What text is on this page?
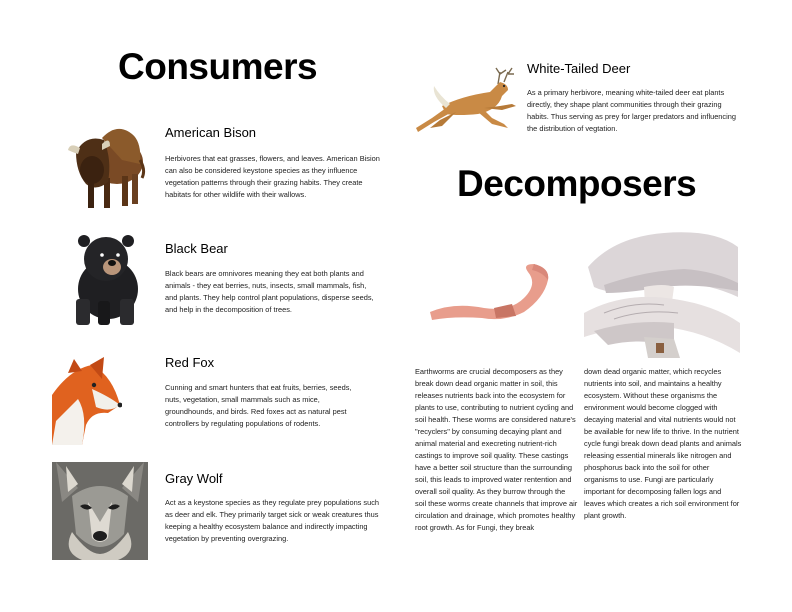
Consumers
American Bison
Herbivores that eat grasses, flowers, and leaves. American Bision can also be considered keystone species as they influence vegetation patterns through their grazing habits. They create habitats for other wildlife with their wallows.
Black Bear
Black bears are omnivores meaning they eat both plants and animals - they eat berries, nuts, insects, small mammals, fish, and plants. They help control plant populations, disperse seeds, and help in the decomposition of trees.
Red Fox
Cunning and smart hunters that eat fruits, berries, seeds, nuts, vegetation, small mammals such as mice, groundhounds, and birds. Red foxes act as natural pest controllers by regulating populations of rodents.
Gray Wolf
Act as a keystone species as they regulate prey populations such as deer and elk. They primarily target sick or weak creatures thus keeping a healthy ecosystem balance and indirectly impacting vegetation by preventing overgrazing.
White-Tailed Deer
As a primary herbivore, meaning white-tailed deer eat plants directly, they shape plant communities through their grazing habits. Thus serving as prey for larger predators and influencing the distribution of vegtation.
Decomposers
Earthworms are crucial decomposers as they break down dead organic matter in soil, this releases nutrients back into the ecosystem for plants to use, contributing to nutrient cycling and soil health. These worms are considered nature's "recyclers" by consuming decaying plant and animal material and execreting nutrient-rich castings to improve soil quality. These castings have a better soil structure than the surrounding soil, this leads to improved water rentention and overall soil quality. As they burrow through the soil these worms create channels that improve air circulation and drainage, which promotes healthy root growth. As for Fungi, they break
down dead organic matter, which recycles nutrients into soil, and maintains a healthy ecosystem. Without these organisms the environment would become clogged with decaying material and vital nutrients would not be available for new life to thrive. In the nutrient cycle fungi break down dead plants and animals releasing essential minerals like nitrogen and phosphorus back into the soil for other organisms to use. Fungi are particularly important for decomposing fallen logs and leaves which creates a rich soil environment for plant growth.
